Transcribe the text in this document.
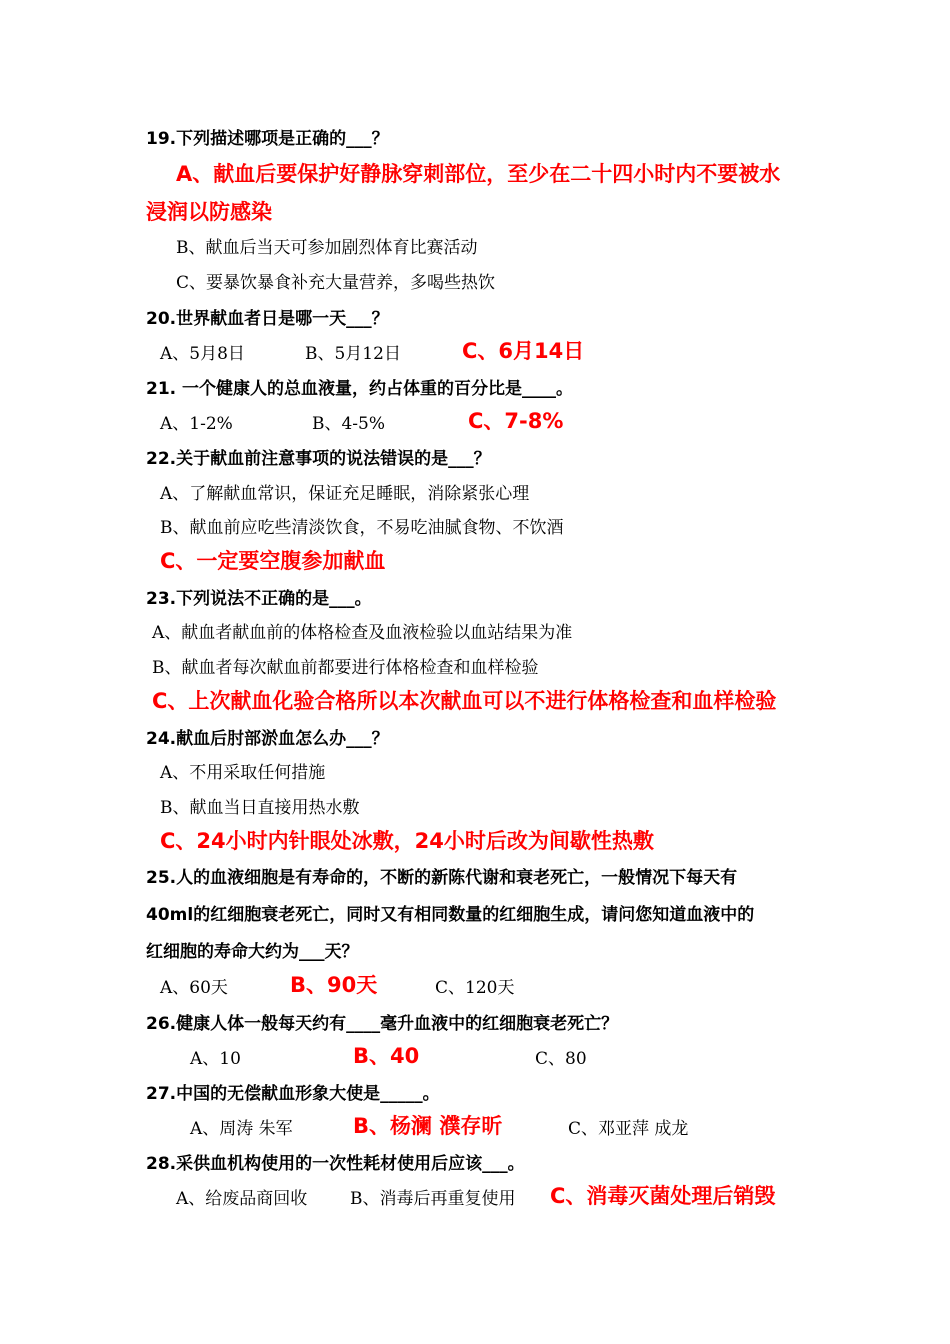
19.下列描述哪项是正确的___？
A、献血后要保护好静脉穿刺部位，至少在二十四小时内不要被水
浸润以防感染
B、献血后当天可参加剧烈体育比赛活动
C、要暴饮暴食补充大量营养，多喝些热饮
20.世界献血者日是哪一天___？
A、5月8日	B、5月12日	C、6月14日
21. 一个健康人的总血液量，约占体重的百分比是____。
A、1-2%	B、4-5%	C、7-8%
22.关于献血前注意事项的说法错误的是___？
A、了解献血常识，保证充足睡眠，消除紧张心理
B、献血前应吃些清淡饮食，不易吃油腻食物、不饮酒
C、一定要空腹参加献血
23.下列说法不正确的是___。
A、献血者献血前的体格检查及血液检验以血站结果为准
B、献血者每次献血前都要进行体格检查和血样检验
C、上次献血化验合格所以本次献血可以不进行体格检查和血样检验
24.献血后肘部淤血怎么办___？
A、不用采取任何措施
B、献血当日直接用热水敷
C、24小时内针眼处冰敷，24小时后改为间歇性热敷
25.人的血液细胞是有寿命的，不断的新陈代谢和衰老死亡，一般情况下每天有
40ml的红细胞衰老死亡，同时又有相同数量的红细胞生成，请问您知道血液中的
红细胞的寿命大约为___天？
A、60天	B、90天	C、120天
26.健康人体一般每天约有____毫升血液中的红细胞衰老死亡？
A、10	B、40	C、80
27.中国的无偿献血形象大使是_____。
A、周涛 朱军	B、杨澜 濮存昕	C、邓亚萍 成龙
28.采供血机构使用的一次性耗材使用后应该___。
A、给废品商回收	B、消毒后再重复使用 C、消毒灭菌处理后销毁
